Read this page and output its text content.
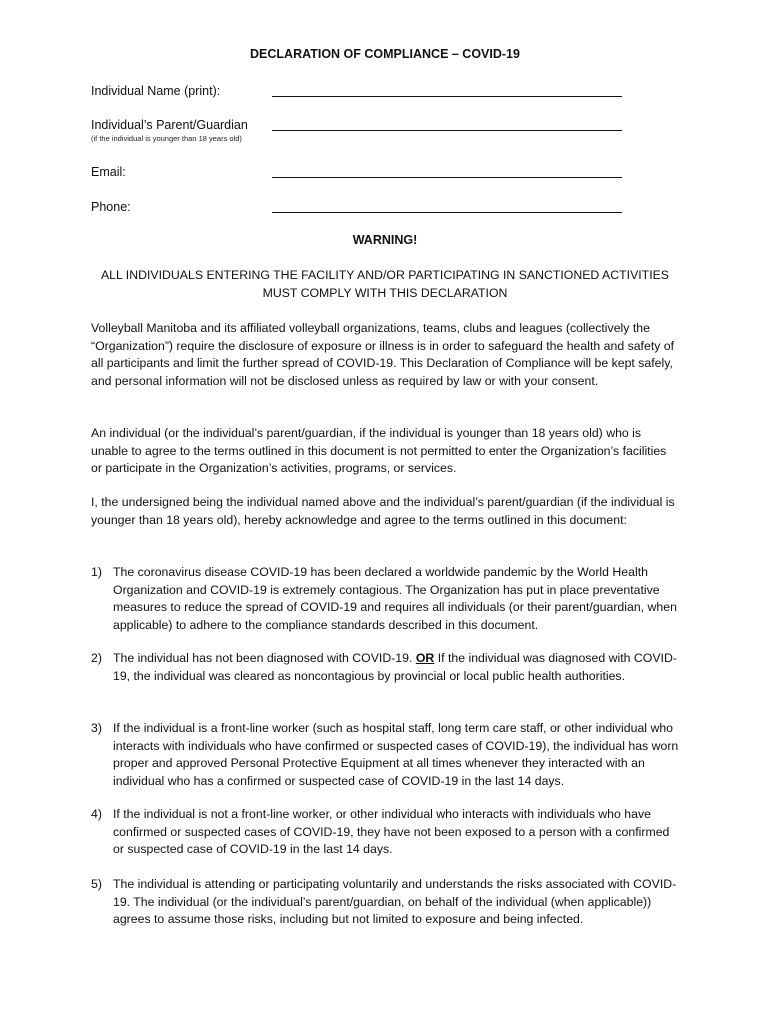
DECLARATION OF COMPLIANCE – COVID-19
Individual Name (print):
Individual’s Parent/Guardian
(if the individual is younger than 18 years old)
Email:
Phone:
WARNING!
ALL INDIVIDUALS ENTERING THE FACILITY AND/OR PARTICIPATING IN SANCTIONED ACTIVITIES MUST COMPLY WITH THIS DECLARATION
Volleyball Manitoba and its affiliated volleyball organizations, teams, clubs and leagues (collectively the “Organization”) require the disclosure of exposure or illness is in order to safeguard the health and safety of all participants and limit the further spread of COVID-19. This Declaration of Compliance will be kept safely, and personal information will not be disclosed unless as required by law or with your consent.
An individual (or the individual’s parent/guardian, if the individual is younger than 18 years old) who is unable to agree to the terms outlined in this document is not permitted to enter the Organization’s facilities or participate in the Organization’s activities, programs, or services.
I, the undersigned being the individual named above and the individual’s parent/guardian (if the individual is younger than 18 years old), hereby acknowledge and agree to the terms outlined in this document:
1) The coronavirus disease COVID-19 has been declared a worldwide pandemic by the World Health Organization and COVID-19 is extremely contagious. The Organization has put in place preventative measures to reduce the spread of COVID-19 and requires all individuals (or their parent/guardian, when applicable) to adhere to the compliance standards described in this document.
2) The individual has not been diagnosed with COVID-19. OR If the individual was diagnosed with COVID-19, the individual was cleared as noncontagious by provincial or local public health authorities.
3) If the individual is a front-line worker (such as hospital staff, long term care staff, or other individual who interacts with individuals who have confirmed or suspected cases of COVID-19), the individual has worn proper and approved Personal Protective Equipment at all times whenever they interacted with an individual who has a confirmed or suspected case of COVID-19 in the last 14 days.
4) If the individual is not a front-line worker, or other individual who interacts with individuals who have confirmed or suspected cases of COVID-19, they have not been exposed to a person with a confirmed or suspected case of COVID-19 in the last 14 days.
5) The individual is attending or participating voluntarily and understands the risks associated with COVID-19. The individual (or the individual’s parent/guardian, on behalf of the individual (when applicable)) agrees to assume those risks, including but not limited to exposure and being infected.
